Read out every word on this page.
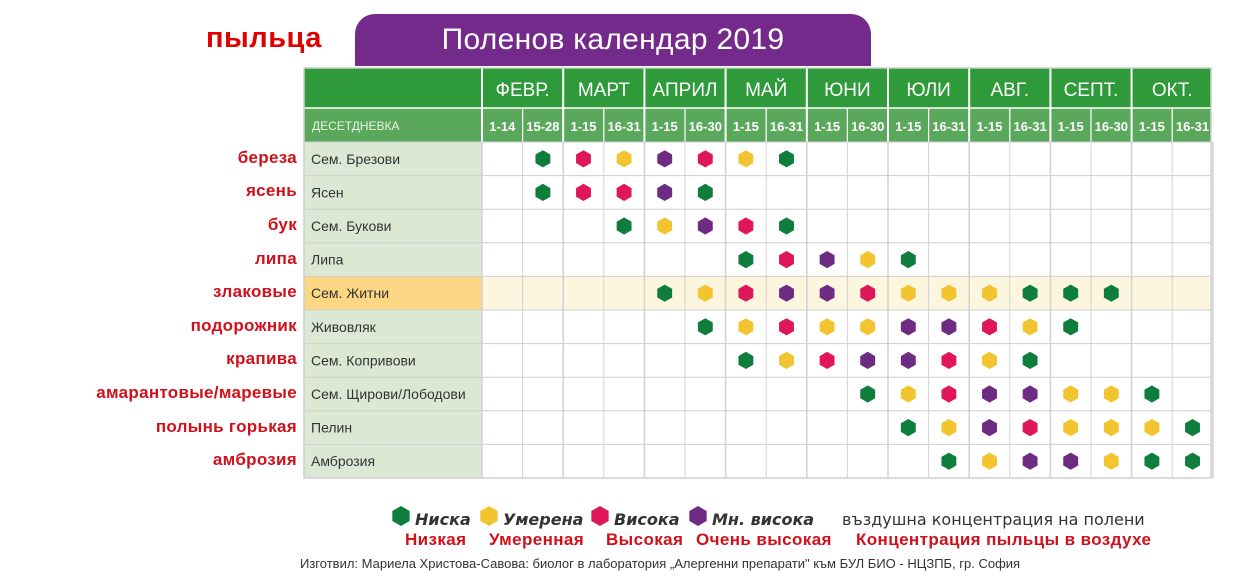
пыльца	Поленов календар 2019
береза
ясень
бук
липа
злаковые
подорожник
крапива
амарантовые/маревые
полынь горькая
амброзия
ДЕСЕТДНЕВКА
ФЕВР. МАРТ АПРИЛ МАЙ ЮНИ ЮЛИ АВГ. СЕПТ. ОКТ.
1-14 15-28 1-15 16-31 1-15 16-30 1-15 16-31 1-15 16-30 1-15 16-31 1-15 16-31 1-15 16-30 1-15 16-31
Сем. Брезови
Ясен
Сем. Букови
Липа
Сем. Житни
Живовляк
Сем. Копривови
Сем. Щирови/Лободови
Пелин
Амброзия
Ниска
Низкая
Умерена
Умеренная
Висока
Высокая
Мн. висока
Очень высокая
въздушна концентрация на полени
Концентрация пыльцы в воздухе
Изготвил: Мариела Христова-Савова: биолог в лаборатория „Алергенни препарати" към БУЛ БИО - НЦЗПБ, гр. София
